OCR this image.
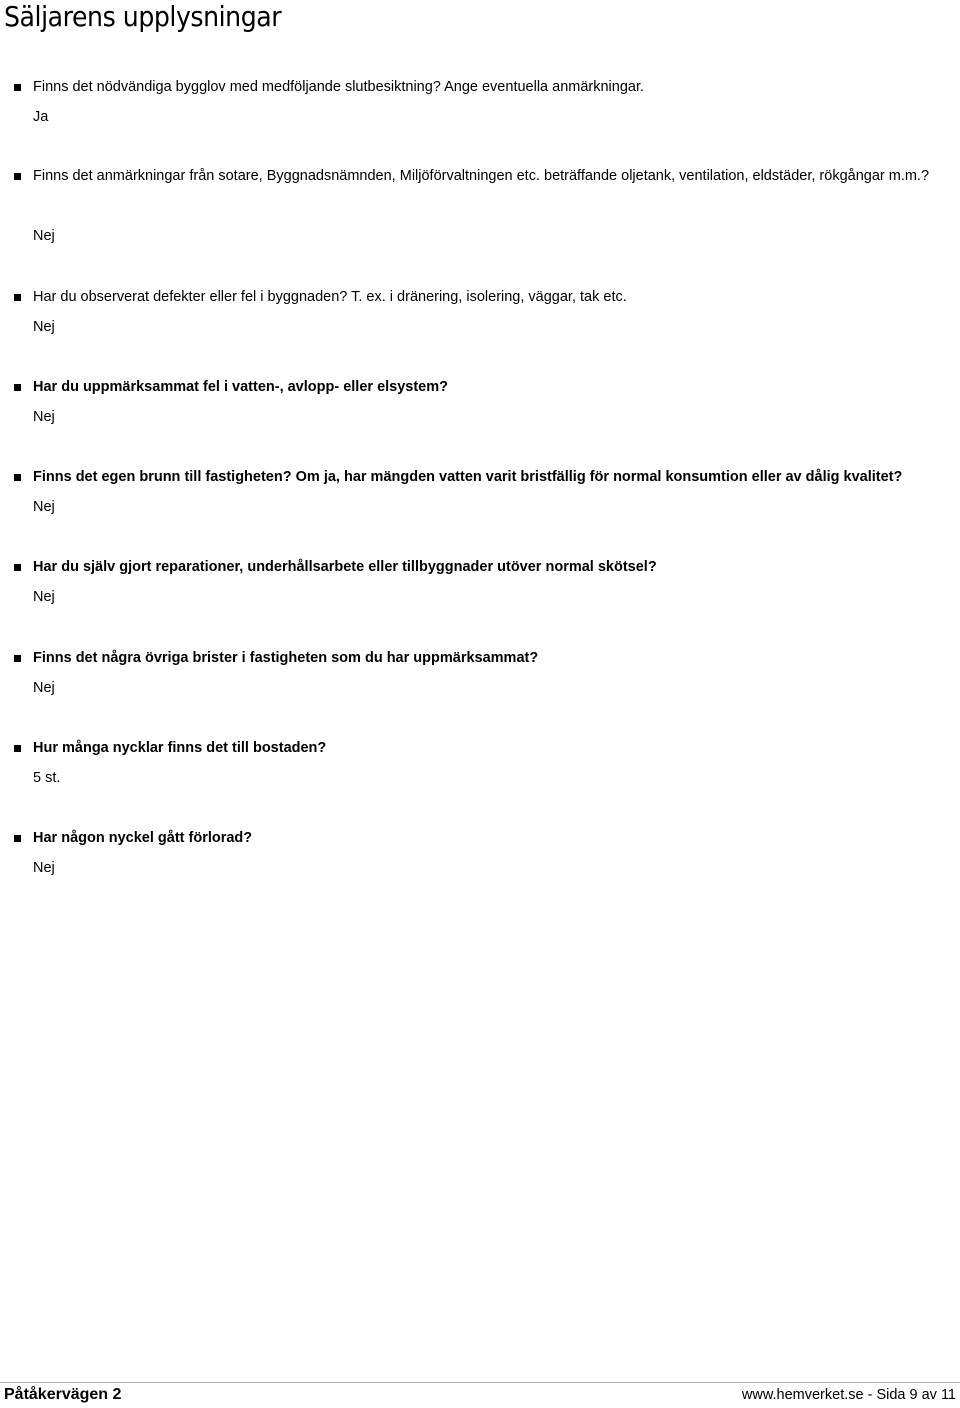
Säljarens upplysningar
Finns det nödvändiga bygglov med medföljande slutbesiktning? Ange eventuella anmärkningar.
Ja
Finns det anmärkningar från sotare, Byggnadsnämnden, Miljöförvaltningen etc. beträffande oljetank, ventilation, eldstäder, rökgångar m.m.?
Nej
Har du observerat defekter eller fel i byggnaden? T. ex. i dränering, isolering, väggar, tak etc.
Nej
Har du uppmärksammat fel i vatten-, avlopp- eller elsystem?
Nej
Finns det egen brunn till fastigheten? Om ja, har mängden vatten varit bristfällig för normal konsumtion eller av dålig kvalitet?
Nej
Har du själv gjort reparationer, underhållsarbete eller tillbyggnader utöver normal skötsel?
Nej
Finns det några övriga brister i fastigheten som du har uppmärksammat?
Nej
Hur många nycklar finns det till bostaden?
5 st.
Har någon nyckel gått förlorad?
Nej
Påtåkervägen 2	www.hemverket.se - Sida 9 av 11
